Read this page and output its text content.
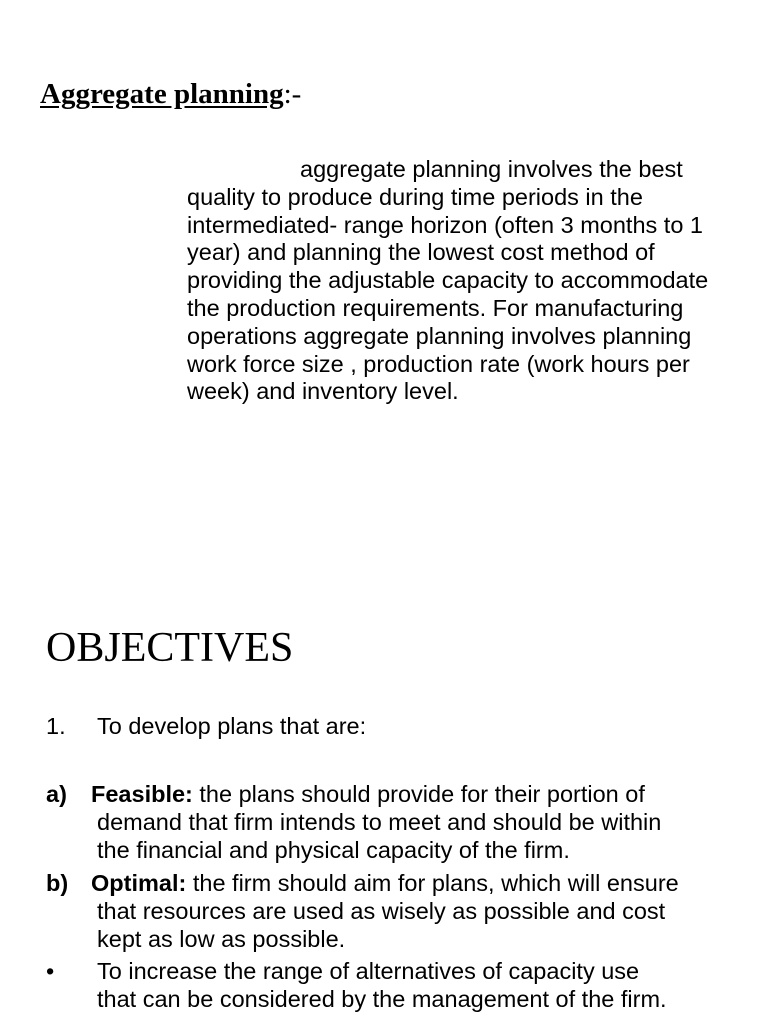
Aggregate planning:-

aggregate planning involves the best quality to produce during time periods in the intermediated- range horizon (often 3 months to 1 year) and planning the lowest cost method of providing the adjustable capacity to accommodate the production requirements. For manufacturing operations aggregate planning involves planning work force size , production rate (work hours per week) and inventory level.

OBJECTIVES
1.	To develop plans that are:
a)	Feasible: the plans should provide for their portion of
demand that firm intends to meet and should be within
the financial and physical capacity of the firm.
b) Optimal: the firm should aim for plans, which will ensure
that resources are used as wisely as possible and cost
kept as low as possible.
•	To increase the range of alternatives of capacity use
that can be considered by the management of the firm.
